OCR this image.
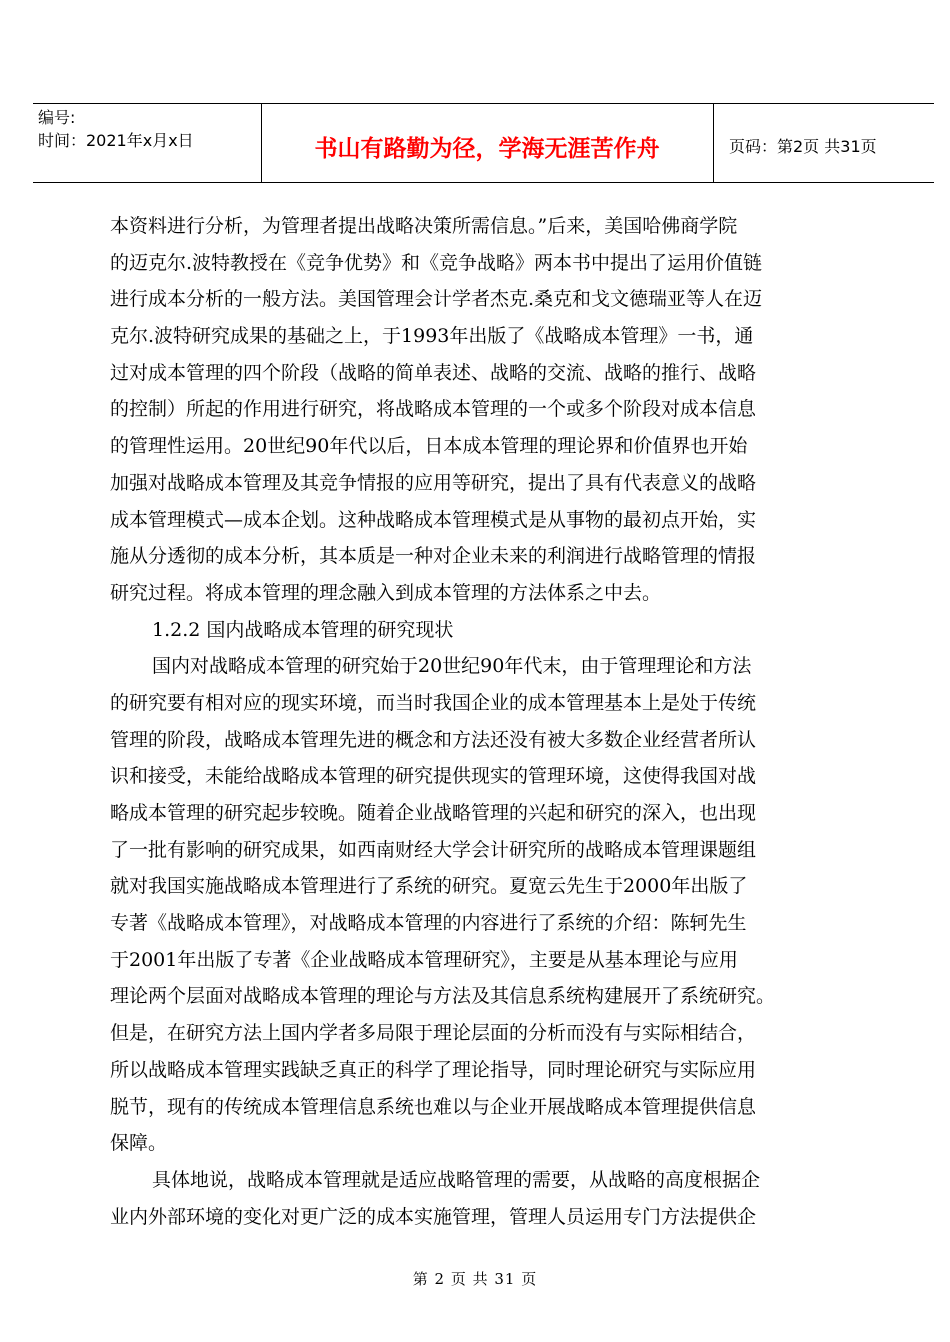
编号:
时间：2021年x月x日	书山有路勤为径，学海无涯苦作舟	页码：第2页 共31页
本资料进行分析，为管理者提出战略决策所需信息。”后来，美国哈佛商学院
的迈克尔.波特教授在《竞争优势》和《竞争战略》两本书中提出了运用价值链
进行成本分析的一般方法。美国管理会计学者杰克.桑克和戈文德瑞亚等人在迈
克尔.波特研究成果的基础之上，于1993年出版了《战略成本管理》一书，通
过对成本管理的四个阶段（战略的简单表述、战略的交流、战略的推行、战略
的控制）所起的作用进行研究，将战略成本管理的一个或多个阶段对成本信息
的管理性运用。20世纪90年代以后，日本成本管理的理论界和价值界也开始
加强对战略成本管理及其竞争情报的应用等研究，提出了具有代表意义的战略
成本管理模式—成本企划。这种战略成本管理模式是从事物的最初点开始，实
施从分透彻的成本分析，其本质是一种对企业未来的利润进行战略管理的情报
研究过程。将成本管理的理念融入到成本管理的方法体系之中去。
1.2.2 国内战略成本管理的研究现状
国内对战略成本管理的研究始于20世纪90年代末，由于管理理论和方法
的研究要有相对应的现实环境，而当时我国企业的成本管理基本上是处于传统
管理的阶段，战略成本管理先进的概念和方法还没有被大多数企业经营者所认
识和接受，未能给战略成本管理的研究提供现实的管理环境，这使得我国对战
略成本管理的研究起步较晚。随着企业战略管理的兴起和研究的深入，也出现
了一批有影响的研究成果，如西南财经大学会计研究所的战略成本管理课题组
就对我国实施战略成本管理进行了系统的研究。夏宽云先生于2000年出版了
专著《战略成本管理》，对战略成本管理的内容进行了系统的介绍：陈轲先生
于2001年出版了专著《企业战略成本管理研究》，主要是从基本理论与应用
理论两个层面对战略成本管理的理论与方法及其信息系统构建展开了系统研究。
但是，在研究方法上国内学者多局限于理论层面的分析而没有与实际相结合，
所以战略成本管理实践缺乏真正的科学了理论指导，同时理论研究与实际应用
脱节，现有的传统成本管理信息系统也难以与企业开展战略成本管理提供信息
保障。
具体地说，战略成本管理就是适应战略管理的需要，从战略的高度根据企
业内外部环境的变化对更广泛的成本实施管理，管理人员运用专门方法提供企
第 2 页 共 31 页
